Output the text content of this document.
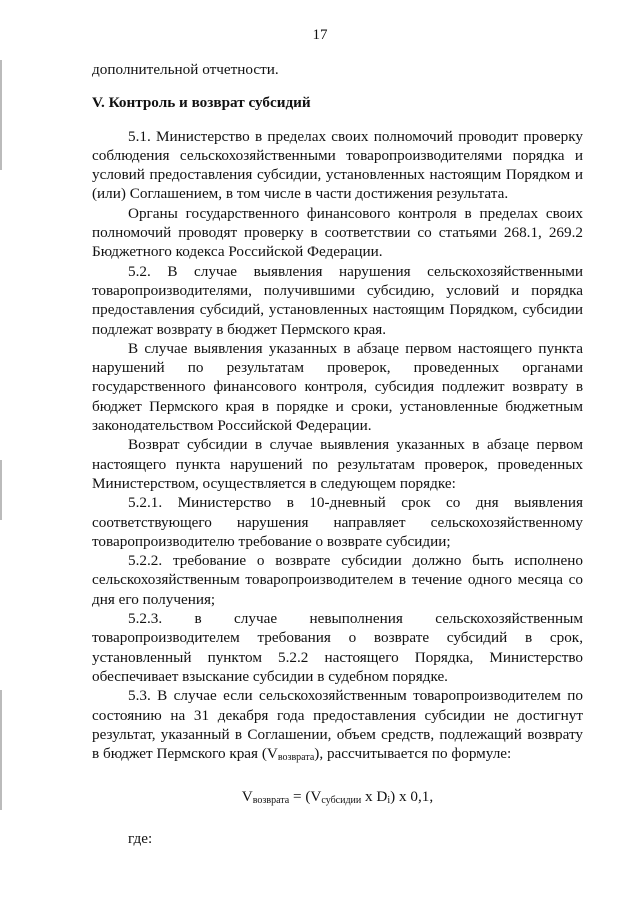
17

дополнительной отчетности.

V. Контроль и возврат субсидий

5.1. Министерство в пределах своих полномочий проводит проверку соблюдения сельскохозяйственными товаропроизводителями порядка и условий предоставления субсидии, установленных настоящим Порядком и (или) Соглашением, в том числе в части достижения результата.

Органы государственного финансового контроля в пределах своих полномочий проводят проверку в соответствии со статьями 268.1, 269.2 Бюджетного кодекса Российской Федерации.

5.2. В случае выявления нарушения сельскохозяйственными товаропроизводителями, получившими субсидию, условий и порядка предоставления субсидий, установленных настоящим Порядком, субсидии подлежат возврату в бюджет Пермского края.

В случае выявления указанных в абзаце первом настоящего пункта нарушений по результатам проверок, проведенных органами государственного финансового контроля, субсидия подлежит возврату в бюджет Пермского края в порядке и сроки, установленные бюджетным законодательством Российской Федерации.

Возврат субсидии в случае выявления указанных в абзаце первом настоящего пункта нарушений по результатам проверок, проведенных Министерством, осуществляется в следующем порядке:

5.2.1. Министерство в 10-дневный срок со дня выявления соответствующего нарушения направляет сельскохозяйственному товаропроизводителю требование о возврате субсидии;

5.2.2. требование о возврате субсидии должно быть исполнено сельскохозяйственным товаропроизводителем в течение одного месяца со дня его получения;

5.2.3. в случае невыполнения сельскохозяйственным товаропроизводителем требования о возврате субсидий в срок, установленный пунктом 5.2.2 настоящего Порядка, Министерство обеспечивает взыскание субсидии в судебном порядке.

5.3. В случае если сельскохозяйственным товаропроизводителем по состоянию на 31 декабря года предоставления субсидии не достигнут результат, указанный в Соглашении, объем средств, подлежащий возврату в бюджет Пермского края $(V_{возврата})$, рассчитывается по формуле:

$V_{возврата} = (V_{субсидии}$ x $D_i$) x 0,1,

где:
